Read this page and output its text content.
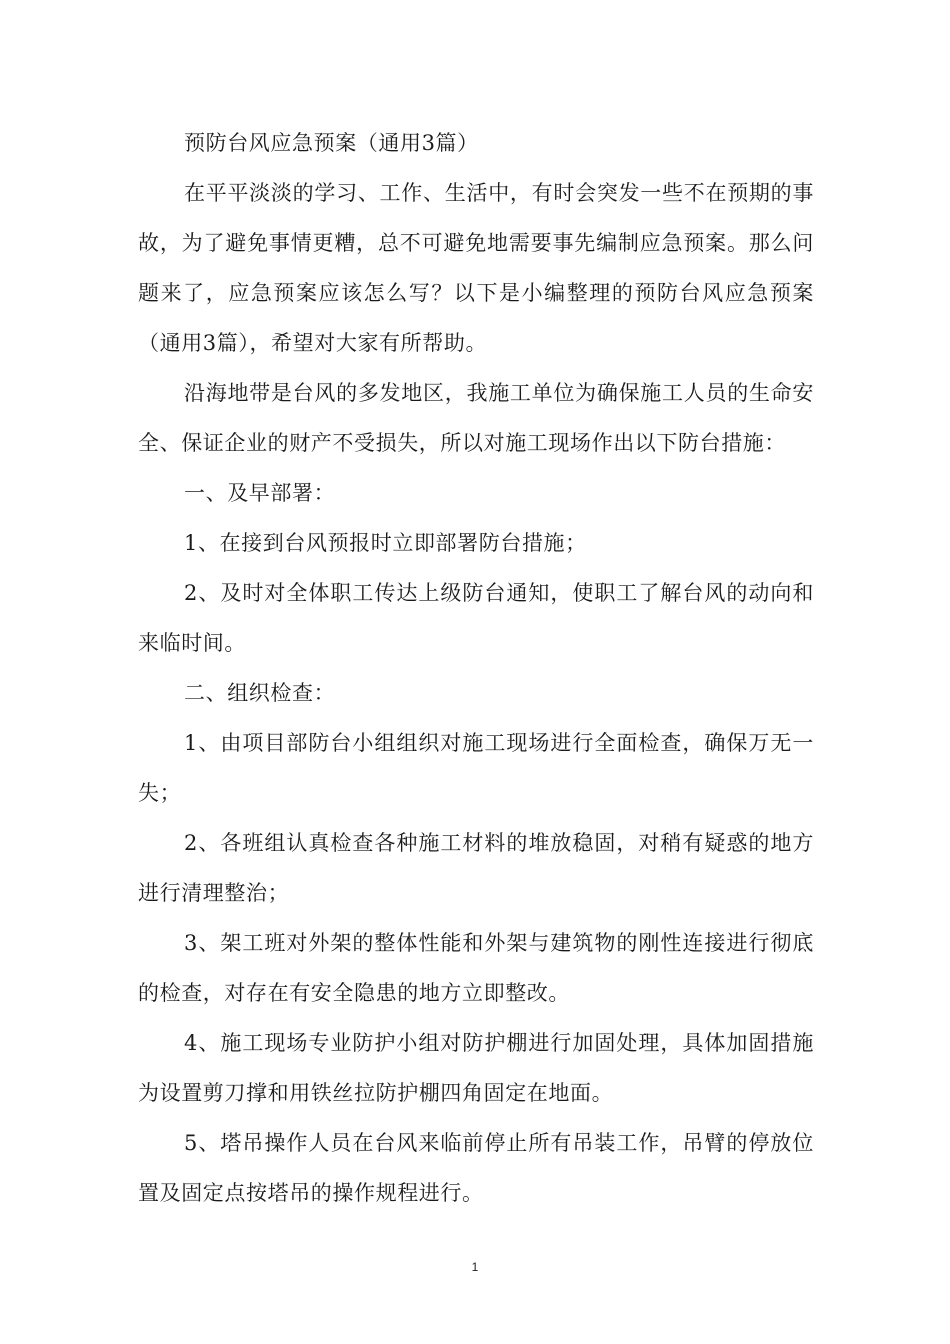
预防台风应急预案（通用3篇）

在平平淡淡的学习、工作、生活中，有时会突发一些不在预期的事故，为了避免事情更糟，总不可避免地需要事先编制应急预案。那么问题来了，应急预案应该怎么写？以下是小编整理的预防台风应急预案（通用3篇），希望对大家有所帮助。

沿海地带是台风的多发地区，我施工单位为确保施工人员的生命安全、保证企业的财产不受损失，所以对施工现场作出以下防台措施：

一、及早部署：

1、在接到台风预报时立即部署防台措施；

2、及时对全体职工传达上级防台通知，使职工了解台风的动向和来临时间。

二、组织检查：

1、由项目部防台小组组织对施工现场进行全面检查，确保万无一失；

2、各班组认真检查各种施工材料的堆放稳固，对稍有疑惑的地方进行清理整治；

3、架工班对外架的整体性能和外架与建筑物的刚性连接进行彻底的检查，对存在有安全隐患的地方立即整改。

4、施工现场专业防护小组对防护棚进行加固处理，具体加固措施为设置剪刀撑和用铁丝拉防护棚四角固定在地面。

5、塔吊操作人员在台风来临前停止所有吊装工作，吊臂的停放位置及固定点按塔吊的操作规程进行。

1
